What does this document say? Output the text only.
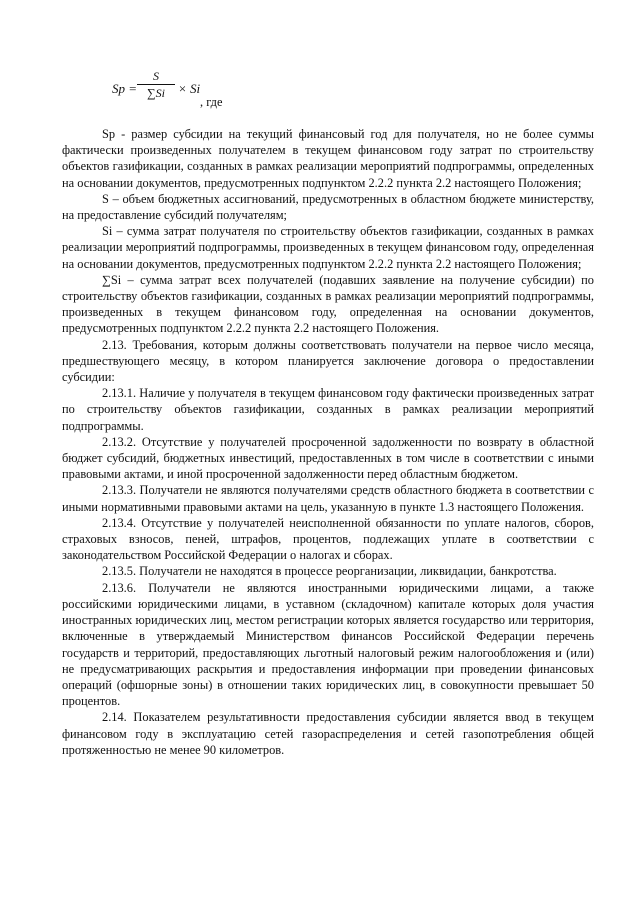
Sp =
S
∑Si	× Si
, где

Sp - размер субсидии на текущий финансовый год для получателя, но не более суммы фактически произведенных получателем в текущем финансовом году затрат по строительству объектов газификации, созданных в рамках реализации мероприятий подпрограммы, определенных на основании документов, предусмотренных подпунктом 2.2.2 пункта 2.2 настоящего Положения;

S – объем бюджетных ассигнований, предусмотренных в областном бюджете министерству, на предоставление субсидий получателям;

Si – сумма затрат получателя по строительству объектов газификации, созданных в рамках реализации мероприятий подпрограммы, произведенных в текущем финансовом году, определенная на основании документов, предусмотренных подпунктом 2.2.2 пункта 2.2 настоящего Положения;

∑Si – сумма затрат всех получателей (подавших заявление на получение субсидии) по строительству объектов газификации, созданных в рамках реализации мероприятий подпрограммы, произведенных в текущем финансовом году, определенная на основании документов, предусмотренных подпунктом 2.2.2 пункта 2.2 настоящего Положения.

2.13. Требования, которым должны соответствовать получатели на первое число месяца, предшествующего месяцу, в котором планируется заключение договора о предоставлении субсидии:

2.13.1. Наличие у получателя в текущем финансовом году фактически произведенных затрат по строительству объектов газификации, созданных в рамках реализации мероприятий подпрограммы.

2.13.2. Отсутствие у получателей просроченной задолженности по возврату в областной бюджет субсидий, бюджетных инвестиций, предоставленных в том числе в соответствии с иными правовыми актами, и иной просроченной задолженности перед областным бюджетом.

2.13.3. Получатели не являются получателями средств областного бюджета в соответствии с иными нормативными правовыми актами на цель, указанную в пункте 1.3 настоящего Положения.

2.13.4. Отсутствие у получателей неисполненной обязанности по уплате налогов, сборов, страховых взносов, пеней, штрафов, процентов, подлежащих уплате в соответствии с законодательством Российской Федерации о налогах и сборах.

2.13.5. Получатели не находятся в процессе реорганизации, ликвидации, банкротства.

2.13.6. Получатели не являются иностранными юридическими лицами, а также российскими юридическими лицами, в уставном (складочном) капитале которых доля участия иностранных юридических лиц, местом регистрации которых является государство или территория, включенные в утверждаемый Министерством финансов Российской Федерации перечень государств и территорий, предоставляющих льготный налоговый режим налогообложения и (или) не предусматривающих раскрытия и предоставления информации при проведении финансовых операций (офшорные зоны) в отношении таких юридических лиц, в совокупности превышает 50 процентов.

2.14. Показателем результативности предоставления субсидии является ввод в текущем финансовом году в эксплуатацию сетей газораспределения и сетей газопотребления общей протяженностью не менее 90 километров.
